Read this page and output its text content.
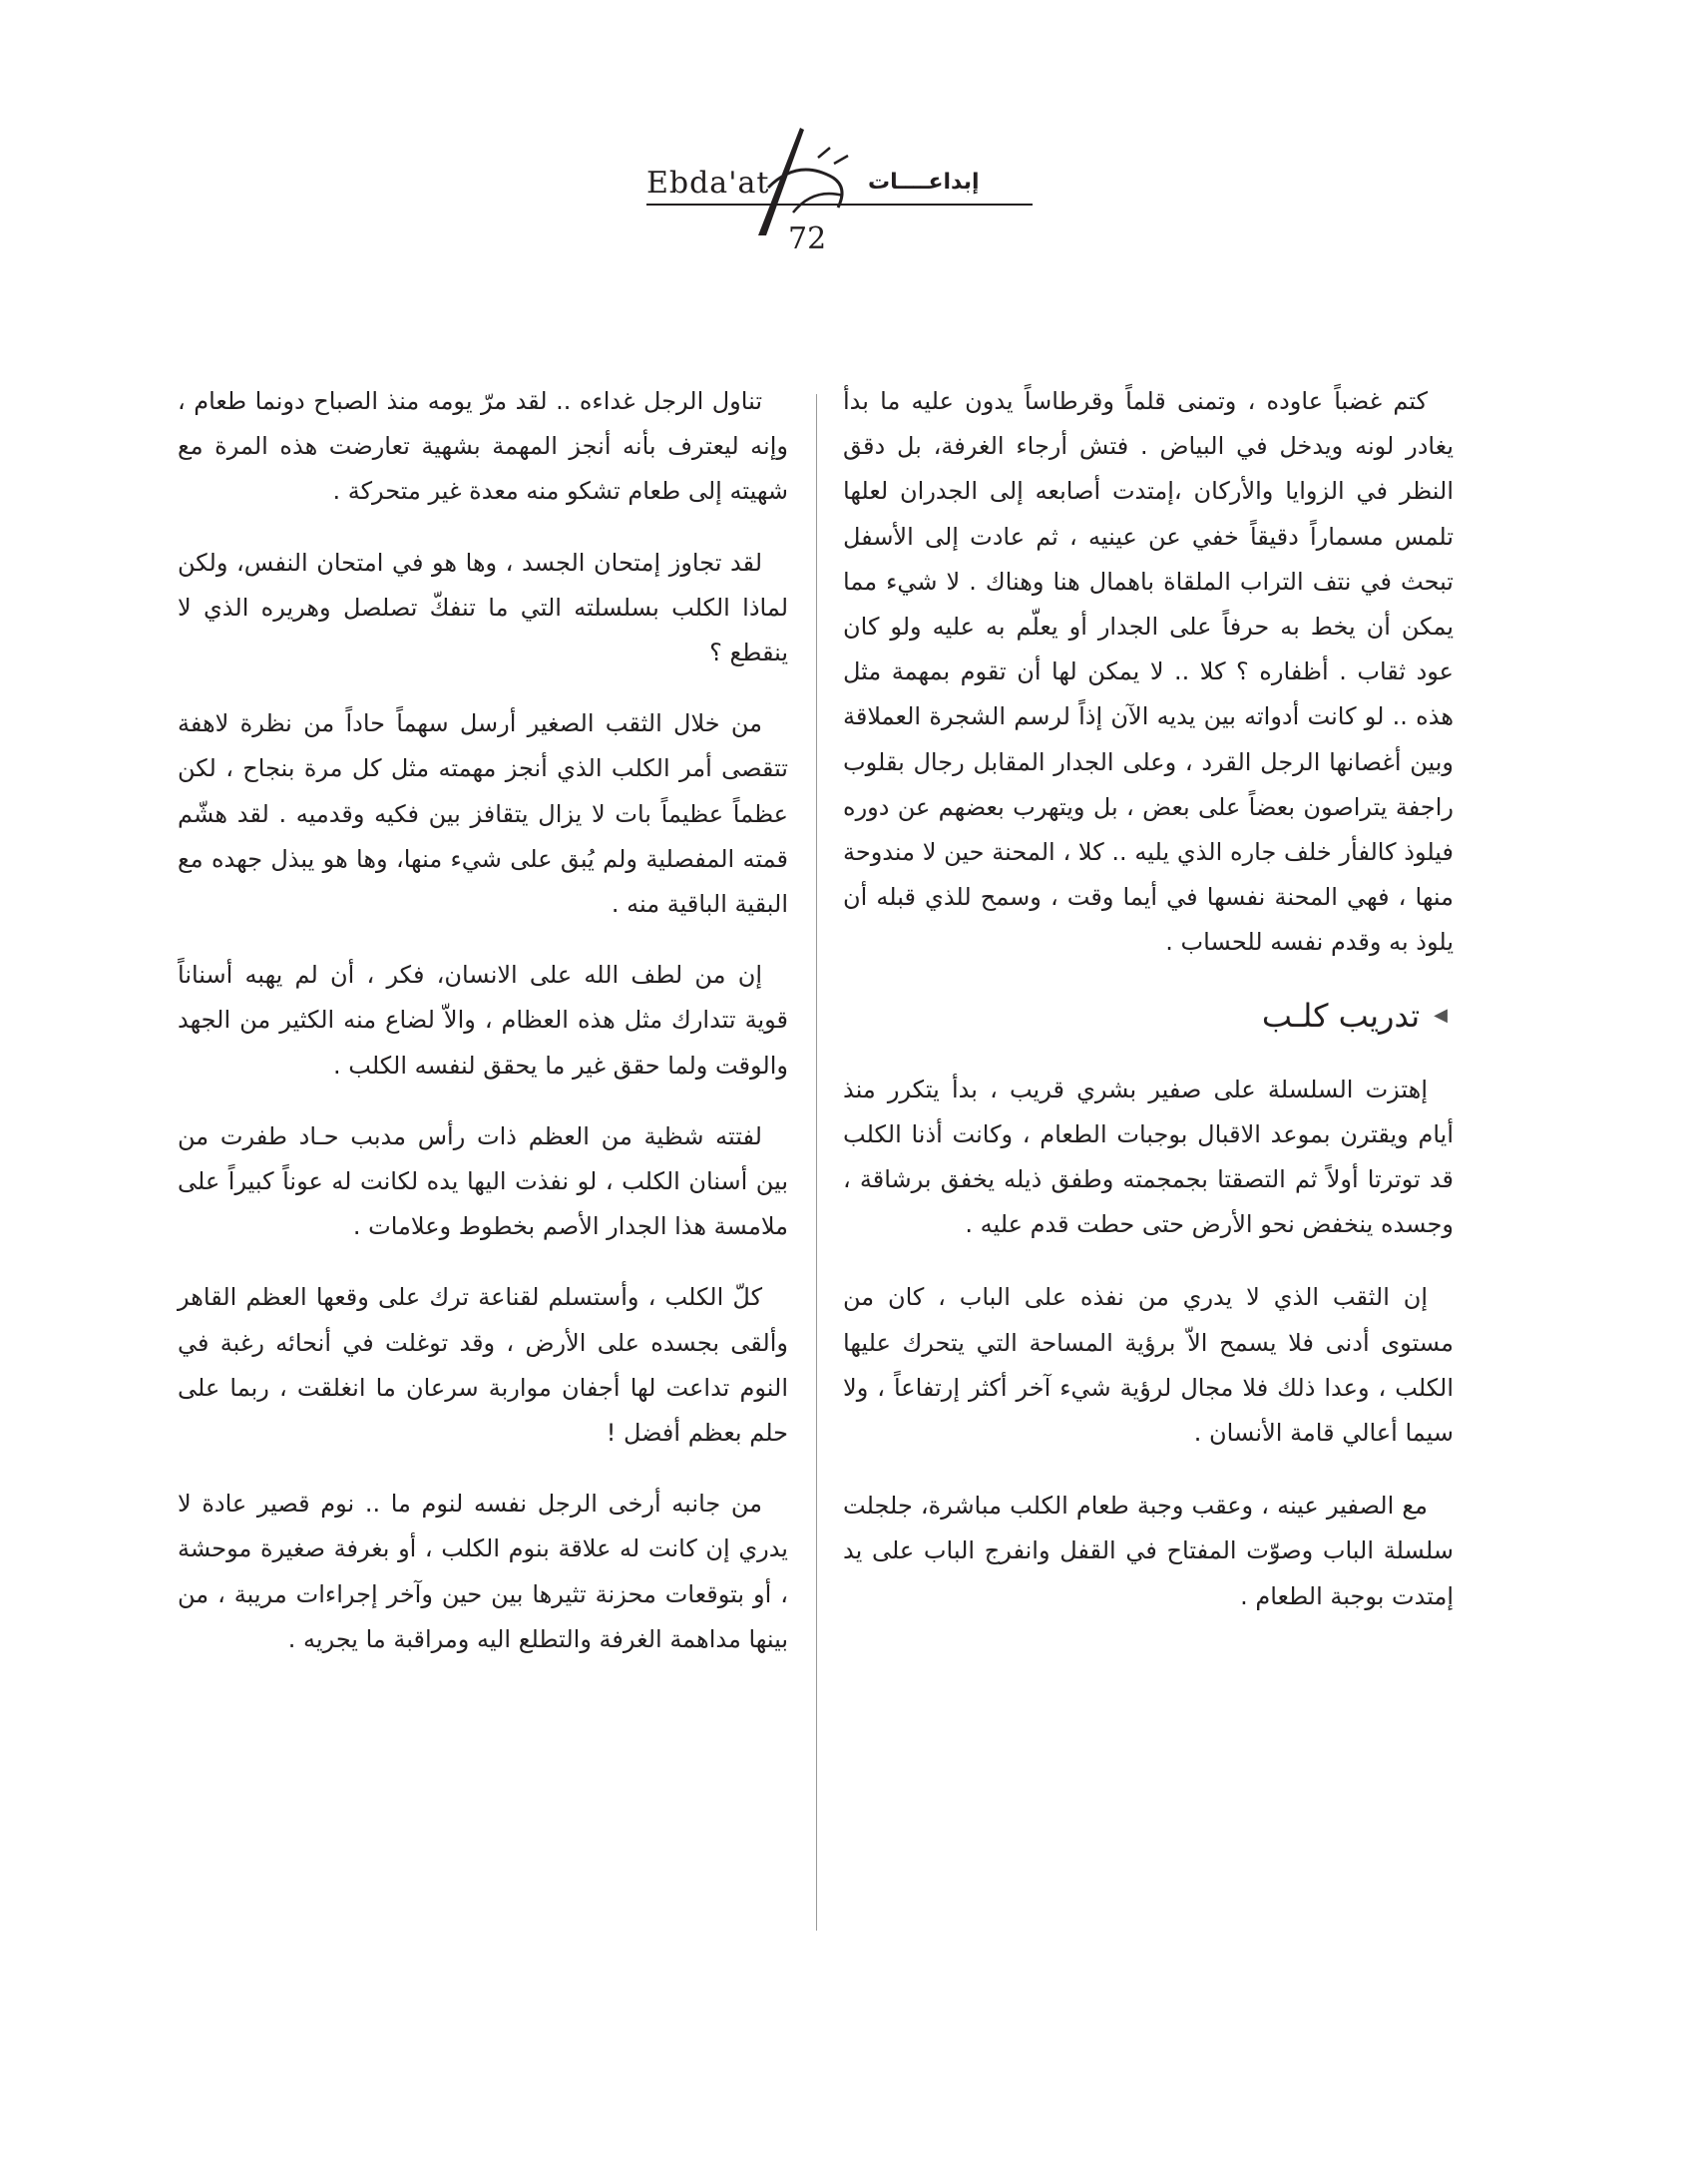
Ebda'at	إبداعــــات
72

كتم غضباً عاوده ، وتمنى قلماً وقرطاساً يدون عليه ما بدأ يغادر لونه ويدخل في البياض . فتش أرجاء الغرفة، بل دقق النظر في الزوايا والأركان ،إمتدت أصابعه إلى الجدران لعلها تلمس مسماراً دقيقاً خفي عن عينيه ، ثم عادت إلى الأسفل تبحث في نتف التراب الملقاة باهمال هنا وهناك . لا شيء مما يمكن أن يخط به حرفاً على الجدار أو يعلّم به عليه ولو كان عود ثقاب . أظفاره ؟ كلا .. لا يمكن لها أن تقوم بمهمة مثل هذه .. لو كانت أدواته بين يديه الآن إذاً لرسم الشجرة العملاقة وبين أغصانها الرجل القرد ، وعلى الجدار المقابل رجال بقلوب راجفة يتراصون بعضاً على بعض ، بل ويتهرب بعضهم عن دوره فيلوذ كالفأر خلف جاره الذي يليه .. كلا ، المحنة حين لا مندوحة منها ، فهي المحنة نفسها في أيما وقت ، وسمح للذي قبله أن يلوذ به وقدم نفسه للحساب .

◀
تدريب كلـب

إهتزت السلسلة على صفير بشري قريب ، بدأ يتكرر منذ أيام ويقترن بموعد الاقبال بوجبات الطعام ، وكانت أذنا الكلب قد توترتا أولاً ثم التصقتا بجمجمته وطفق ذيله يخفق برشاقة ، وجسده ينخفض نحو الأرض حتى حطت قدم عليه .

إن الثقب الذي لا يدري من نفذه على الباب ، كان من مستوى أدنى فلا يسمح الاّ برؤية المساحة التي يتحرك عليها الكلب ، وعدا ذلك فلا مجال لرؤية شيء آخر أكثر إرتفاعاً ، ولا سيما أعالي قامة الأنسان .

مع الصفير عينه ، وعقب وجبة طعام الكلب مباشرة، جلجلت سلسلة الباب وصوّت المفتاح في القفل وانفرج الباب على يد إمتدت بوجبة الطعام .

تناول الرجل غداءه .. لقد مرّ يومه منذ الصباح دونما طعام ، وإنه ليعترف بأنه أنجز المهمة بشهية تعارضت هذه المرة مع شهيته إلى طعام تشكو منه معدة غير متحركة .

لقد تجاوز إمتحان الجسد ، وها هو في امتحان النفس، ولكن لماذا الكلب بسلسلته التي ما تنفكّ تصلصل وهريره الذي لا ينقطع ؟

من خلال الثقب الصغير أرسل سهماً حاداً من نظرة لاهفة تتقصى أمر الكلب الذي أنجز مهمته مثل كل مرة بنجاح ، لكن عظماً عظيماً بات لا يزال يتقافز بين فكيه وقدميه . لقد هشّم قمته المفصلية ولم يُبق على شيء منها، وها هو يبذل جهده مع البقية الباقية منه .

إن من لطف الله على الانسان، فكر ، أن لم يهبه أسناناً قوية تتدارك مثل هذه العظام ، والاّ لضاع منه الكثير من الجهد والوقت ولما حقق غير ما يحقق لنفسه الكلب .

لفتته شظية من العظم ذات رأس مدبب حـاد طفرت من بين أسنان الكلب ، لو نفذت اليها يده لكانت له عوناً كبيراً على ملامسة هذا الجدار الأصم بخطوط وعلامات .

كلّ الكلب ، وأستسلم لقناعة ترك على وقعها العظم القاهر وألقى بجسده على الأرض ، وقد توغلت في أنحائه رغبة في النوم تداعت لها أجفان مواربة سرعان ما انغلقت ، ربما على حلم بعظم أفضل !

من جانبه أرخى الرجل نفسه لنوم ما .. نوم قصير عادة لا يدري إن كانت له علاقة بنوم الكلب ، أو بغرفة صغيرة موحشة ، أو بتوقعات محزنة تثيرها بين حين وآخر إجراءات مريبة ، من بينها مداهمة الغرفة والتطلع اليه ومراقبة ما يجريه .
